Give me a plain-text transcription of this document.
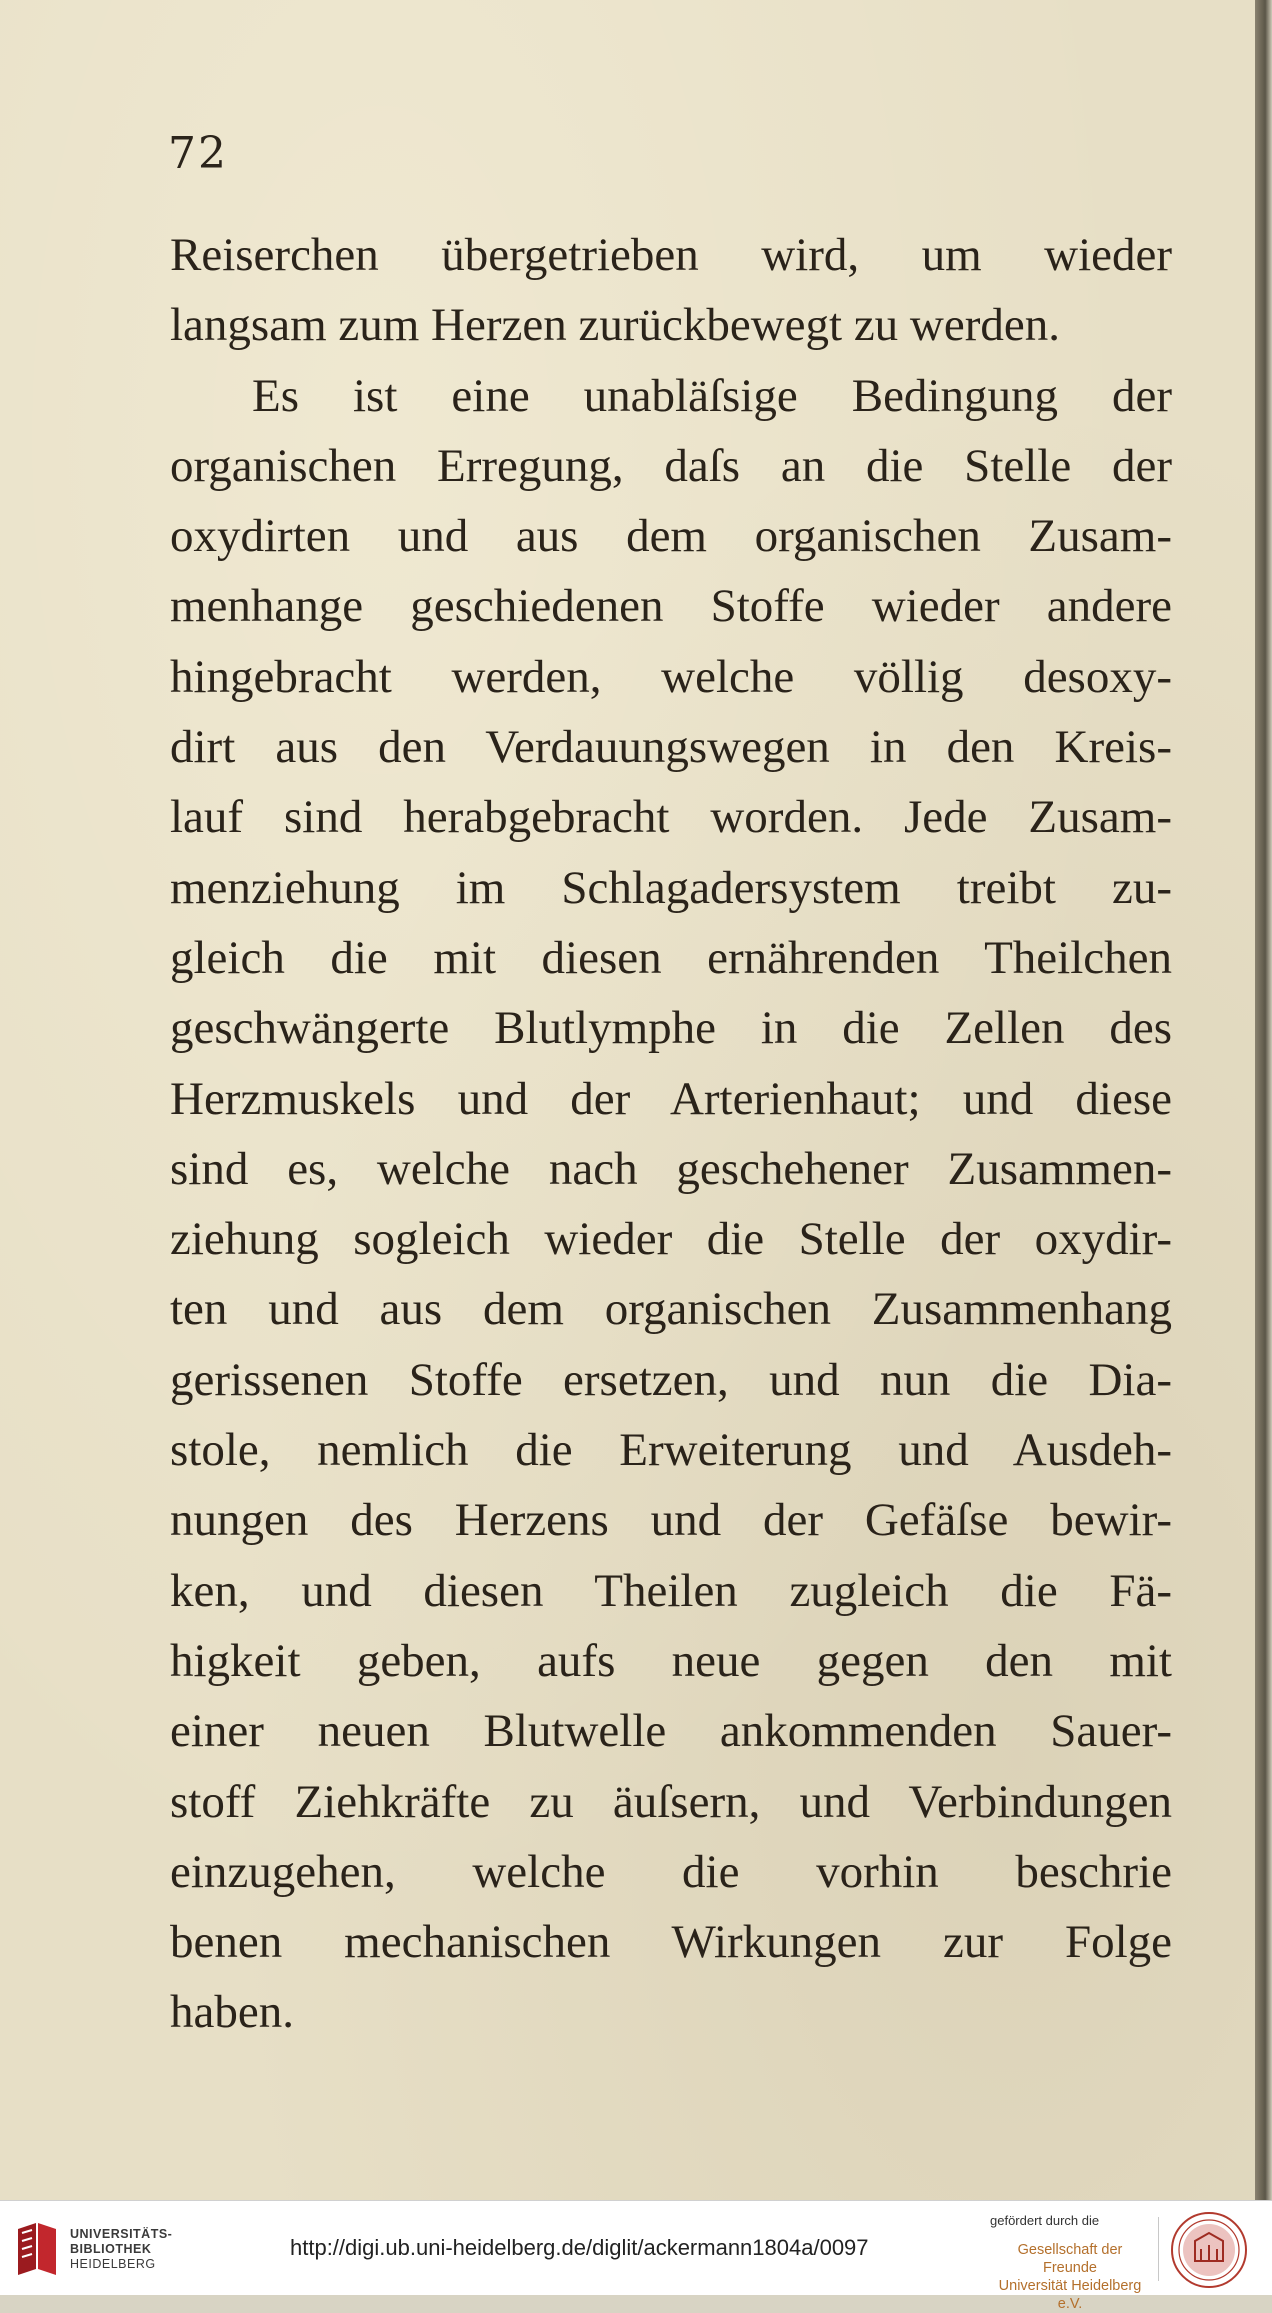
72
Reiserchen übergetrieben wird, um wieder
langsam zum Herzen zurückbewegt zu werden.
Es ist eine unabläſsige Bedingung der
organischen Erregung, daſs an die Stelle der
oxydirten und aus dem organischen Zusam-
menhange geschiedenen Stoffe wieder andere
hingebracht werden, welche völlig desoxy-
dirt aus den Verdauungswegen in den Kreis-
lauf sind herabgebracht worden. Jede Zusam-
menziehung im Schlagadersystem treibt zu-
gleich die mit diesen ernährenden Theilchen
geschwängerte Blutlymphe in die Zellen des
Herzmuskels und der Arterienhaut; und diese
sind es, welche nach geschehener Zusammen-
ziehung sogleich wieder die Stelle der oxydir-
ten und aus dem organischen Zusammenhang
gerissenen Stoffe ersetzen, und nun die Dia-
stole, nemlich die Erweiterung und Ausdeh-
nungen des Herzens und der Gefäſse bewir-
ken, und diesen Theilen zugleich die Fä-
higkeit geben, aufs neue gegen den mit
einer neuen Blutwelle ankommenden Sauer-
stoff Ziehkräfte zu äuſsern, und Verbindungen
einzugehen, welche die vorhin beschrie
benen mechanischen Wirkungen zur Folge
haben.
UNIVERSITÄTS-
BIBLIOTHEK
HEIDELBERG
http://digi.ub.uni-heidelberg.de/diglit/ackermann1804a/0097
gefördert durch die
Gesellschaft der Freunde
Universität Heidelberg e.V.
